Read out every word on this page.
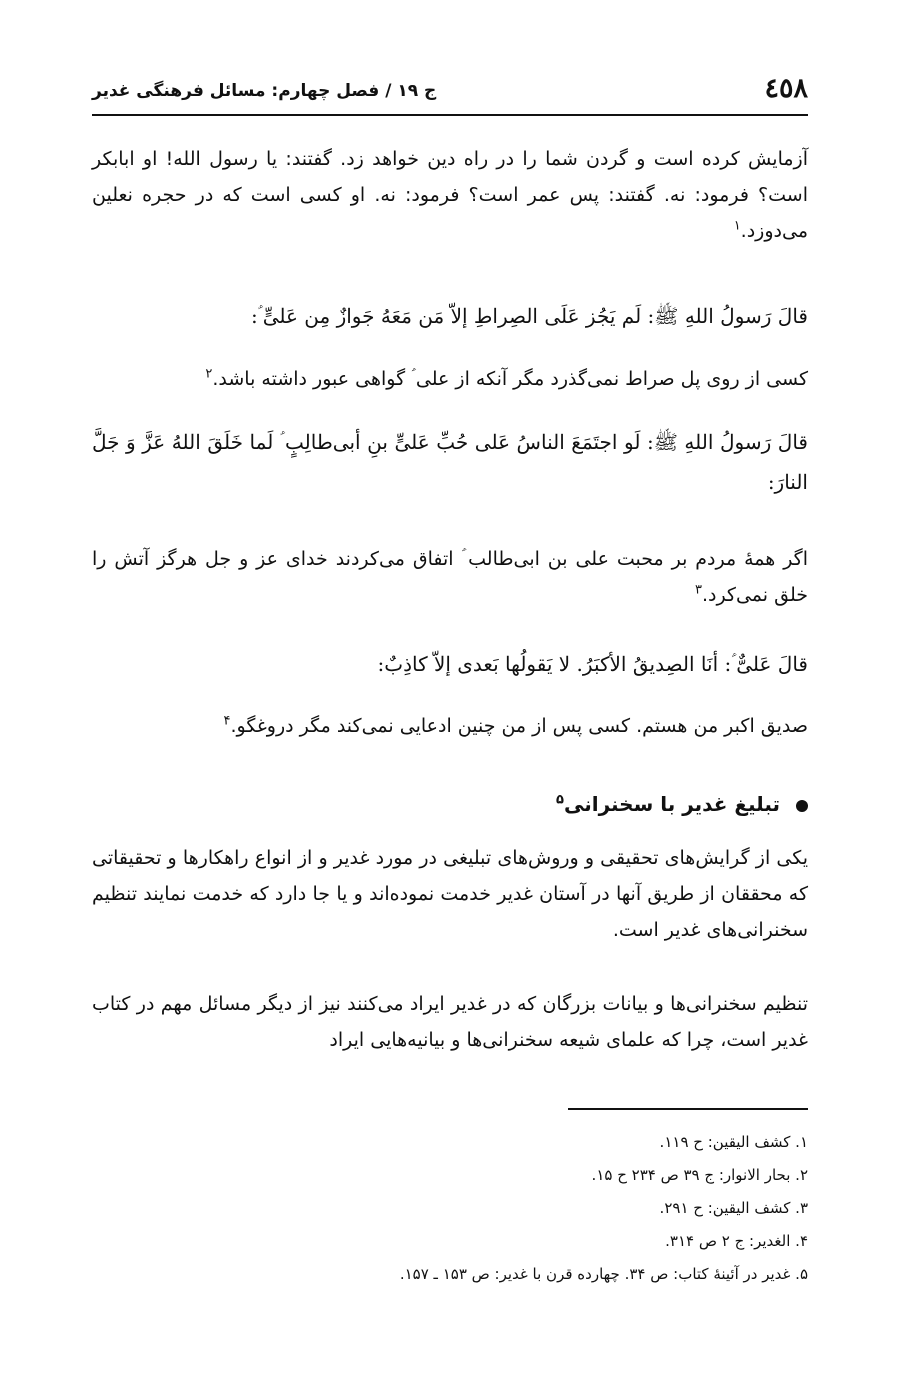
٤٥٨
ج ١٩ / فصل چهارم: مسائل فرهنگی غدیر

آزمایش کرده است و گردن شما را در راه دین خواهد زد. گفتند: یا رسول الله! او ابابکر است؟ فرمود: نه. گفتند: پس عمر است؟ فرمود: نه. او کسی است که در حجره نعلین می‌دوزد.$^١$

قالَ رَسولُ اللهِ ﷺ: لَم یَجُز عَلَی الصِراطِ إلاّ مَن مَعَهُ جَوازٌ مِن عَلیٍّ ؑ:

کسی از روی پل صراط نمی‌گذرد مگر آنکه از علی ؑ گواهی عبور داشته باشد.$^٢$

قالَ رَسولُ اللهِ ﷺ: لَو اجتَمَعَ الناسُ عَلی حُبِّ عَلیٍّ بنِ أبی‌طالِبٍ ؑ لَما خَلَقَ اللهُ عَزَّ وَ جَلَّ النارَ:

اگر همهٔ مردم بر محبت علی بن ابی‌طالب ؑ اتفاق می‌کردند خدای عز و جل هرگز آتش را خلق نمی‌کرد.$^٣$

قالَ عَلیٌّ ؑ: أنَا الصِدیقُ الأکبَرُ. لا یَقولُها بَعدی إلاّ کاذِبٌ:

صدیق اکبر من هستم. کسی پس از من چنین ادعایی نمی‌کند مگر دروغگو.$^۴$

تبلیغ غدیر با سخنرانی$^۵$

یکی از گرایش‌های تحقیقی و وروش‌های تبلیغی در مورد غدیر و از انواع راهکارها و تحقیقاتی که محققان از طریق آنها در آستان غدیر خدمت نموده‌اند و یا جا دارد که خدمت نمایند تنظیم سخنرانی‌های غدیر است.

تنظیم سخنرانی‌ها و بیانات بزرگان که در غدیر ایراد می‌کنند نیز از دیگر مسائل مهم در کتاب غدیر است، چرا که علمای شیعه سخنرانی‌ها و بیانیه‌هایی ایراد

١. کشف الیقین: ح ١١٩.

٢. بحار الانوار: ج ٣٩ ص ٢٣۴ ح ١۵.

٣. کشف الیقین: ح ٢٩١.

۴. الغدیر: ج ٢ ص ٣١۴.

۵. غدیر در آئینهٔ کتاب: ص ٣۴. چهارده قرن با غدیر: ص ١۵٣ ـ ١۵٧.
